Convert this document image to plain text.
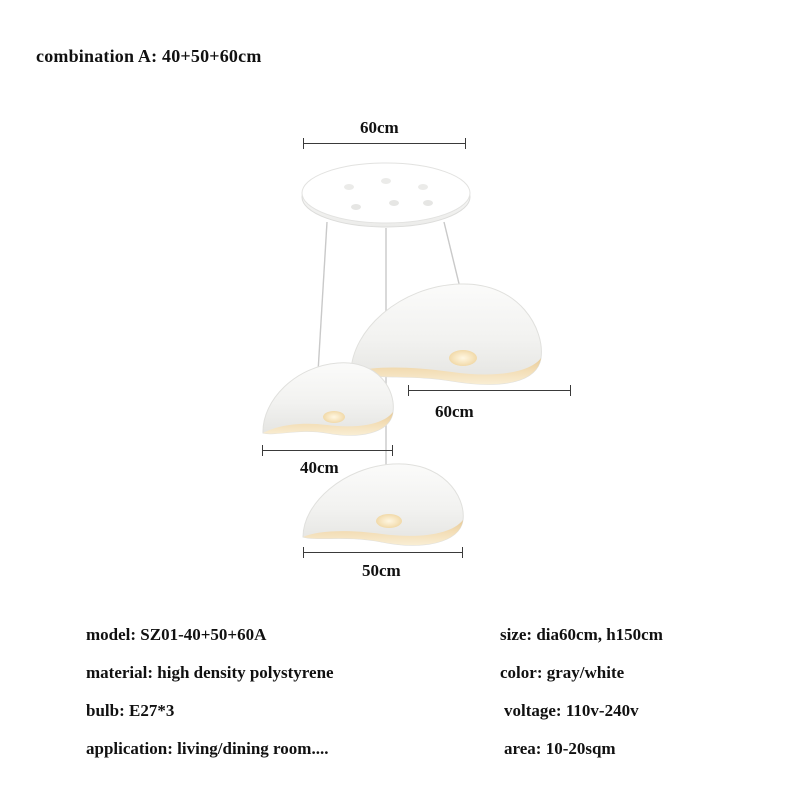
combination A: 40+50+60cm
60cm
60cm
40cm
50cm
model: SZ01-40+50+60A	size: dia60cm, h150cm
material: high density polystyrene	color: gray/white
bulb: E27*3	voltage: 110v-240v
application: living/dining room....	area: 10-20sqm
